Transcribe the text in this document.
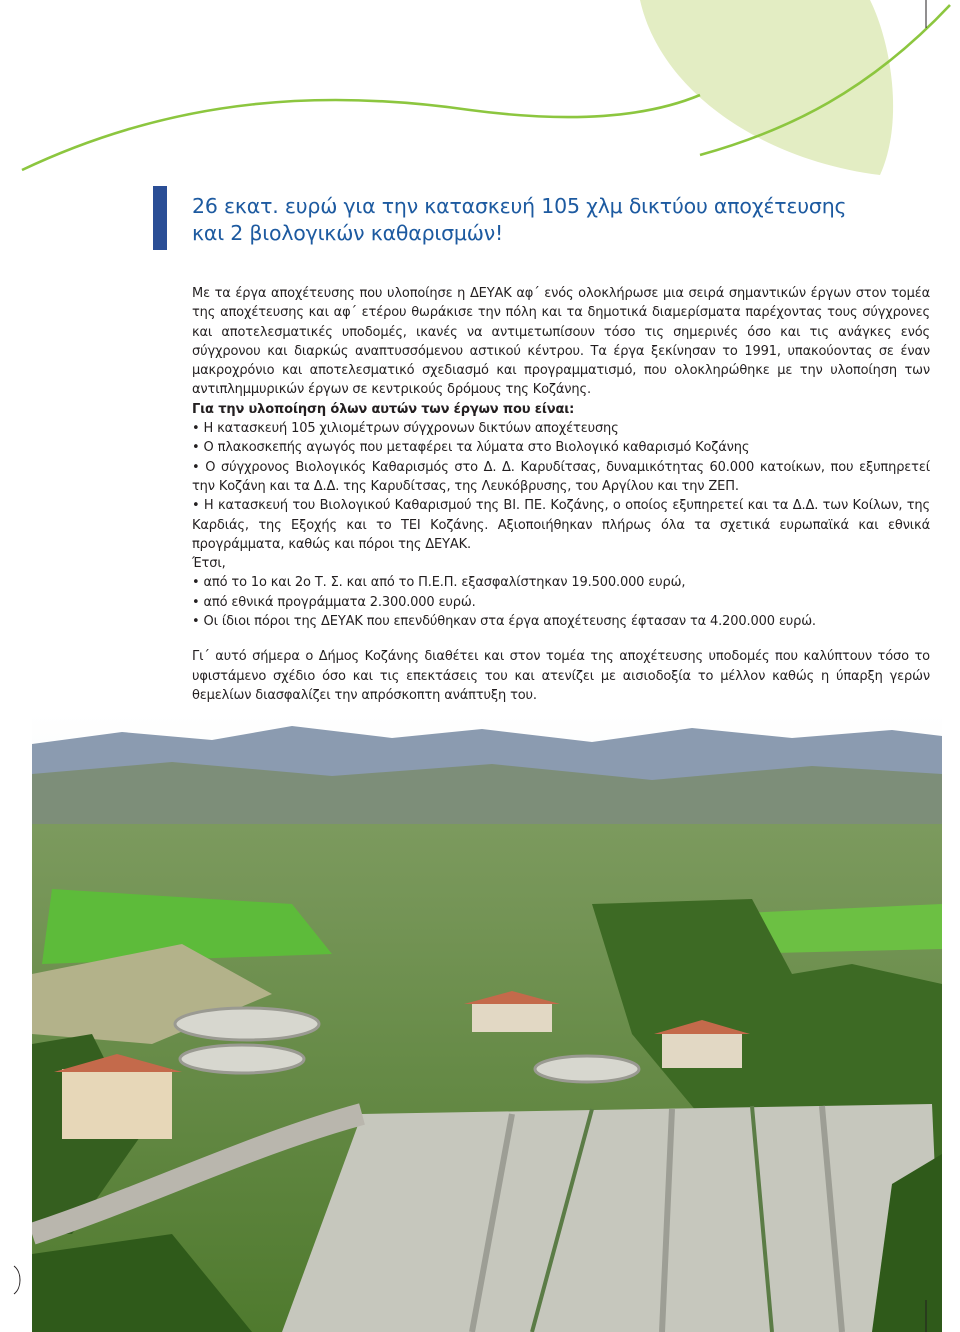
26 εκατ. ευρώ για την κατασκευή 105 χλμ δικτύου αποχέτευσης
και 2 βιολογικών καθαρισμών!

Με τα έργα αποχέτευσης που υλοποίησε η ΔΕΥΑΚ αφ΄ ενός ολοκλήρωσε μια σειρά σημαντικών έργων στον τομέα της αποχέτευσης και αφ΄ ετέρου θωράκισε την πόλη και τα δημοτικά διαμερίσματα παρέχοντας τους σύγχρονες και αποτελεσματικές υποδομές, ικανές να αντιμετωπίσουν τόσο τις σημερινές όσο και τις ανάγκες ενός σύγχρονου και διαρκώς αναπτυσσόμενου αστικού κέντρου. Τα έργα ξεκίνησαν το 1991, υπακούοντας σε έναν μακροχρόνιο και αποτελεσματικό σχεδιασμό και προγραμματισμό, που ολοκληρώθηκε με την υλοποίηση των αντιπλημμυρικών έργων σε κεντρικούς δρόμους της Κοζάνης.

Για την υλοποίηση όλων αυτών των έργων που είναι:

• Η κατασκευή 105 χιλιομέτρων σύγχρονων δικτύων αποχέτευσης

• Ο πλακοσκεπής αγωγός που μεταφέρει τα λύματα στο Βιολογικό καθαρισμό Κοζάνης

• Ο σύγχρονος Βιολογικός Καθαρισμός στο Δ. Δ. Καρυδίτσας, δυναμικότητας 60.000 κατοίκων, που εξυπηρετεί την Κοζάνη και τα Δ.Δ. της Καρυδίτσας, της Λευκόβρυσης, του Αργίλου και την ΖΕΠ.

• Η κατασκευή του Βιολογικού Καθαρισμού της ΒΙ. ΠΕ. Κοζάνης, ο οποίος εξυπηρετεί και τα Δ.Δ. των Κοίλων, της Καρδιάς, της Εξοχής και το ΤΕΙ Κοζάνης. Αξιοποιήθηκαν πλήρως όλα τα σχετικά ευρωπαϊκά και εθνικά προγράμματα, καθώς και πόροι της ΔΕΥΑΚ.

Έτσι,

• από το 1ο και 2ο Τ. Σ. και από το Π.Ε.Π. εξασφαλίστηκαν 19.500.000 ευρώ,

• από εθνικά προγράμματα 2.300.000 ευρώ.

• Οι ίδιοι πόροι της ΔΕΥΑΚ που επενδύθηκαν στα έργα αποχέτευσης έφτασαν τα 4.200.000 ευρώ.

Γι΄ αυτό σήμερα ο Δήμος Κοζάνης διαθέτει και στον τομέα της αποχέτευσης υποδομές που καλύπτουν τόσο το υφιστάμενο σχέδιο όσο και τις επεκτάσεις του και ατενίζει με αισιοδοξία το μέλλον καθώς η ύπαρξη γερών θεμελίων διασφαλίζει την απρόσκοπτη ανάπτυξη του.
